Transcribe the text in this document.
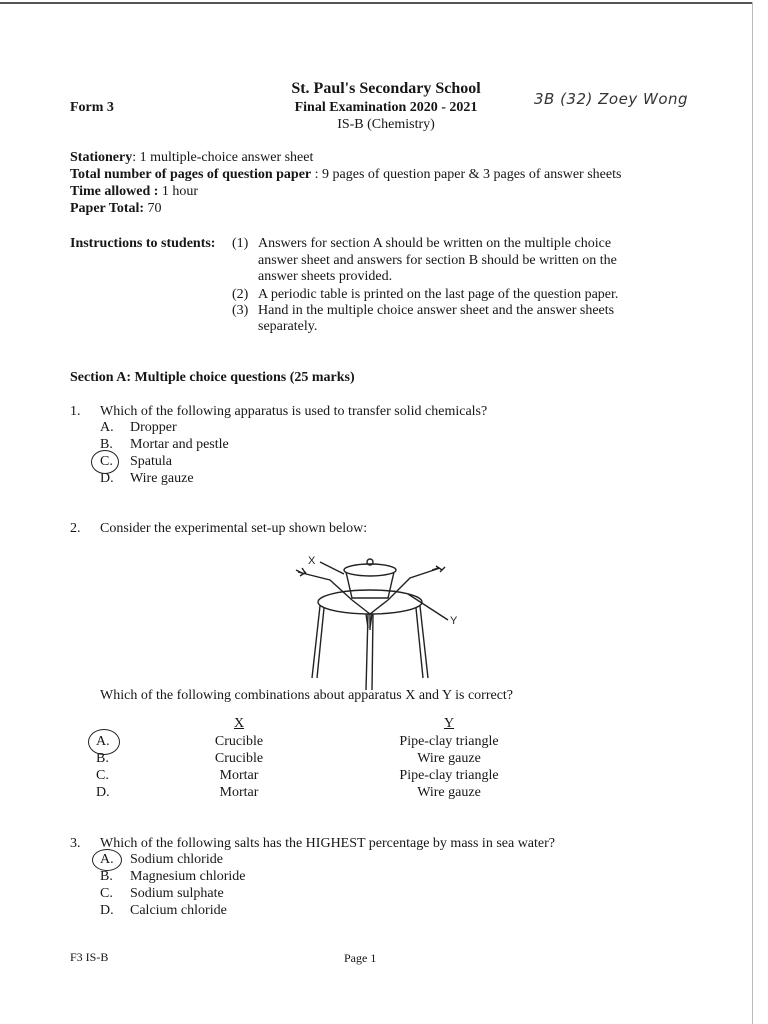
St. Paul's Secondary School
Form 3	Final Examination 2020 - 2021
IS-B (Chemistry)
3B (32) Zoey Wong
Stationery: 1 multiple-choice answer sheet
Total number of pages of question paper : 9 pages of question paper & 3 pages of answer sheets
Time allowed : 1 hour
Paper Total: 70
Instructions to students: (1) Answers for section A should be written on the multiple choice
answer sheet and answers for section B should be written on the
answer sheets provided.
(2) A periodic table is printed on the last page of the question paper.
(3) Hand in the multiple choice answer sheet and the answer sheets
separately.
Section A: Multiple choice questions (25 marks)
1. Which of the following apparatus is used to transfer solid chemicals?
A.	Dropper
B.	Mortar and pestle
C.	Spatula
D.	Wire gauze
2. Consider the experimental set-up shown below:
X
Y
Which of the following combinations about apparatus X and Y is correct?
X	Y
A.	Crucible	Pipe-clay triangle
B.	Crucible	Wire gauze
C.	Mortar	Pipe-clay triangle
D.	Mortar	Wire gauze
3. Which of the following salts has the HIGHEST percentage by mass in sea water?
A.	Sodium chloride
B.	Magnesium chloride
C.	Sodium sulphate
D.	Calcium chloride
F3 IS-B	Page 1
